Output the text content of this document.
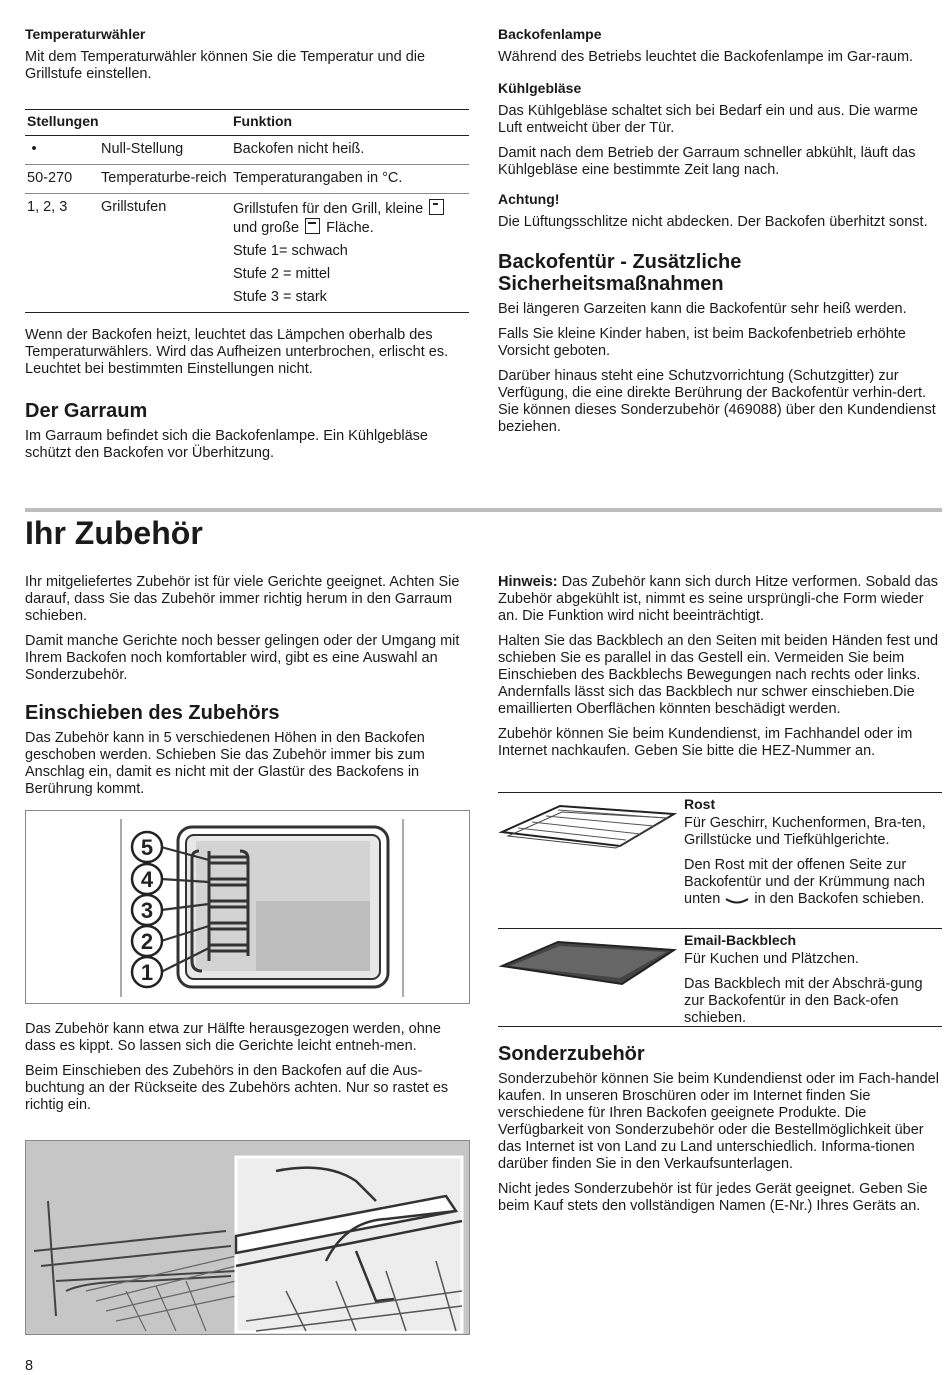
Temperaturwähler

Mit dem Temperaturwähler können Sie die Temperatur und die Grillstufe einstellen.

Stellungen		Funktion
•	Null-Stellung	Backofen nicht heiß.
50-270	Temperaturbe-reich	Temperaturangaben in °C.
1, 2, 3	Grillstufen	Grillstufen für den Grill, kleine
und große Fläche.
Stufe 1= schwach
Stufe 2 = mittel
Stufe 3 = stark

Wenn der Backofen heizt, leuchtet das Lämpchen oberhalb des Temperaturwählers. Wird das Aufheizen unterbrochen, erlischt es. Leuchtet bei bestimmten Einstellungen nicht.

Der Garraum

Im Garraum befindet sich die Backofenlampe. Ein Kühlgebläse schützt den Backofen vor Überhitzung.

Backofenlampe

Während des Betriebs leuchtet die Backofenlampe im Gar-raum.

Kühlgebläse

Das Kühlgebläse schaltet sich bei Bedarf ein und aus. Die warme Luft entweicht über der Tür.

Damit nach dem Betrieb der Garraum schneller abkühlt, läuft das Kühlgebläse eine bestimmte Zeit lang nach.

Achtung!

Die Lüftungsschlitze nicht abdecken. Der Backofen überhitzt sonst.

Backofentür - Zusätzliche Sicherheitsmaßnahmen

Bei längeren Garzeiten kann die Backofentür sehr heiß werden.

Falls Sie kleine Kinder haben, ist beim Backofenbetrieb erhöhte Vorsicht geboten.

Darüber hinaus steht eine Schutzvorrichtung (Schutzgitter) zur Verfügung, die eine direkte Berührung der Backofentür verhin-dert. Sie können dieses Sonderzubehör (469088) über den Kundendienst beziehen.

Ihr Zubehör

Ihr mitgeliefertes Zubehör ist für viele Gerichte geeignet. Achten Sie darauf, dass Sie das Zubehör immer richtig herum in den Garraum schieben.

Damit manche Gerichte noch besser gelingen oder der Umgang mit Ihrem Backofen noch komfortabler wird, gibt es eine Auswahl an Sonderzubehör.

Einschieben des Zubehörs

Das Zubehör kann in 5 verschiedenen Höhen in den Backofen geschoben werden. Schieben Sie das Zubehör immer bis zum Anschlag ein, damit es nicht mit der Glastür des Backofens in Berührung kommt.

5
4
3
2
1

Das Zubehör kann etwa zur Hälfte herausgezogen werden, ohne dass es kippt. So lassen sich die Gerichte leicht entneh-men.

Beim Einschieben des Zubehörs in den Backofen auf die Aus-buchtung an der Rückseite des Zubehörs achten. Nur so rastet es richtig ein.

Hinweis: Das Zubehör kann sich durch Hitze verformen. Sobald das Zubehör abgekühlt ist, nimmt es seine ursprüngli-che Form wieder an. Die Funktion wird nicht beeinträchtigt.

Halten Sie das Backblech an den Seiten mit beiden Händen fest und schieben Sie es parallel in das Gestell ein. Vermeiden Sie beim Einschieben des Backblechs Bewegungen nach rechts oder links. Andernfalls lässt sich das Backblech nur schwer einschieben.Die emaillierten Oberflächen könnten beschädigt werden.

Zubehör können Sie beim Kundendienst, im Fachhandel oder im Internet nachkaufen. Geben Sie bitte die HEZ-Nummer an.

Rost

Für Geschirr, Kuchenformen, Bra-ten, Grillstücke und Tiefkühlgerichte.

Den Rost mit der offenen Seite zur Backofentür und der Krümmung nach unten in den Backofen schieben.

Email-Backblech

Für Kuchen und Plätzchen.

Das Backblech mit der Abschrä-gung zur Backofentür in den Back-ofen schieben.

Sonderzubehör

Sonderzubehör können Sie beim Kundendienst oder im Fach-handel kaufen. In unseren Broschüren oder im Internet finden Sie verschiedene für Ihren Backofen geeignete Produkte. Die Verfügbarkeit von Sonderzubehör oder die Bestellmöglichkeit über das Internet ist von Land zu Land unterschiedlich. Informa-tionen darüber finden Sie in den Verkaufsunterlagen.

Nicht jedes Sonderzubehör ist für jedes Gerät geeignet. Geben Sie beim Kauf stets den vollständigen Namen (E-Nr.) Ihres Geräts an.

8
